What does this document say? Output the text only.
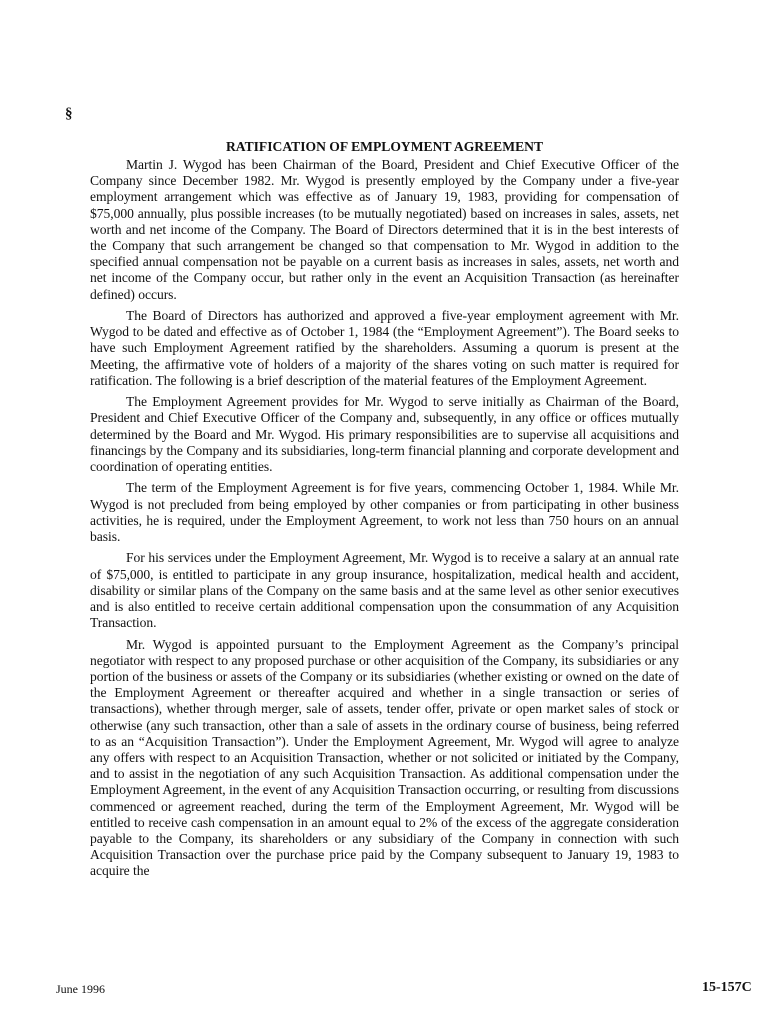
§
RATIFICATION OF EMPLOYMENT AGREEMENT

Martin J. Wygod has been Chairman of the Board, President and Chief Executive Officer of the Company since December 1982. Mr. Wygod is presently employed by the Company under a five-year employment arrangement which was effective as of January 19, 1983, providing for compensation of $75,000 annually, plus possible increases (to be mutually negotiated) based on increases in sales, assets, net worth and net income of the Company. The Board of Directors determined that it is in the best interests of the Company that such arrangement be changed so that compensation to Mr. Wygod in addition to the specified annual compensation not be payable on a current basis as increases in sales, assets, net worth and net income of the Company occur, but rather only in the event an Acquisition Transaction (as hereinafter defined) occurs.

The Board of Directors has authorized and approved a five-year employment agreement with Mr. Wygod to be dated and effective as of October 1, 1984 (the “Employment Agreement”). The Board seeks to have such Employment Agreement ratified by the shareholders. Assuming a quorum is present at the Meeting, the affirmative vote of holders of a majority of the shares voting on such matter is required for ratification. The following is a brief description of the material features of the Employment Agreement.

The Employment Agreement provides for Mr. Wygod to serve initially as Chairman of the Board, President and Chief Executive Officer of the Company and, subsequently, in any office or offices mutually determined by the Board and Mr. Wygod. His primary responsibilities are to supervise all acquisitions and financings by the Company and its subsidiaries, long-term financial planning and corporate development and coordination of operating entities.

The term of the Employment Agreement is for five years, commencing October 1, 1984. While Mr. Wygod is not precluded from being employed by other companies or from participating in other business activities, he is required, under the Employment Agreement, to work not less than 750 hours on an annual basis.

For his services under the Employment Agreement, Mr. Wygod is to receive a salary at an annual rate of $75,000, is entitled to participate in any group insurance, hospitalization, medical health and accident, disability or similar plans of the Company on the same basis and at the same level as other senior executives and is also entitled to receive certain additional compensation upon the consummation of any Acquisition Transaction.

Mr. Wygod is appointed pursuant to the Employment Agreement as the Company’s principal negotiator with respect to any proposed purchase or other acquisition of the Company, its subsidiaries or any portion of the business or assets of the Company or its subsidiaries (whether existing or owned on the date of the Employment Agreement or thereafter acquired and whether in a single transaction or series of transactions), whether through merger, sale of assets, tender offer, private or open market sales of stock or otherwise (any such transaction, other than a sale of assets in the ordinary course of business, being referred to as an “Acquisition Transaction”). Under the Employment Agreement, Mr. Wygod will agree to analyze any offers with respect to an Acquisition Transaction, whether or not solicited or initiated by the Company, and to assist in the negotiation of any such Acquisition Transaction. As additional compensation under the Employment Agreement, in the event of any Acquisition Transaction occurring, or resulting from discussions commenced or agreement reached, during the term of the Employment Agreement, Mr. Wygod will be entitled to receive cash compensation in an amount equal to 2% of the excess of the aggregate consideration payable to the Company, its shareholders or any subsidiary of the Company in connection with such Acquisition Transaction over the purchase price paid by the Company subsequent to January 19, 1983 to acquire the

June 1996	15-157C
